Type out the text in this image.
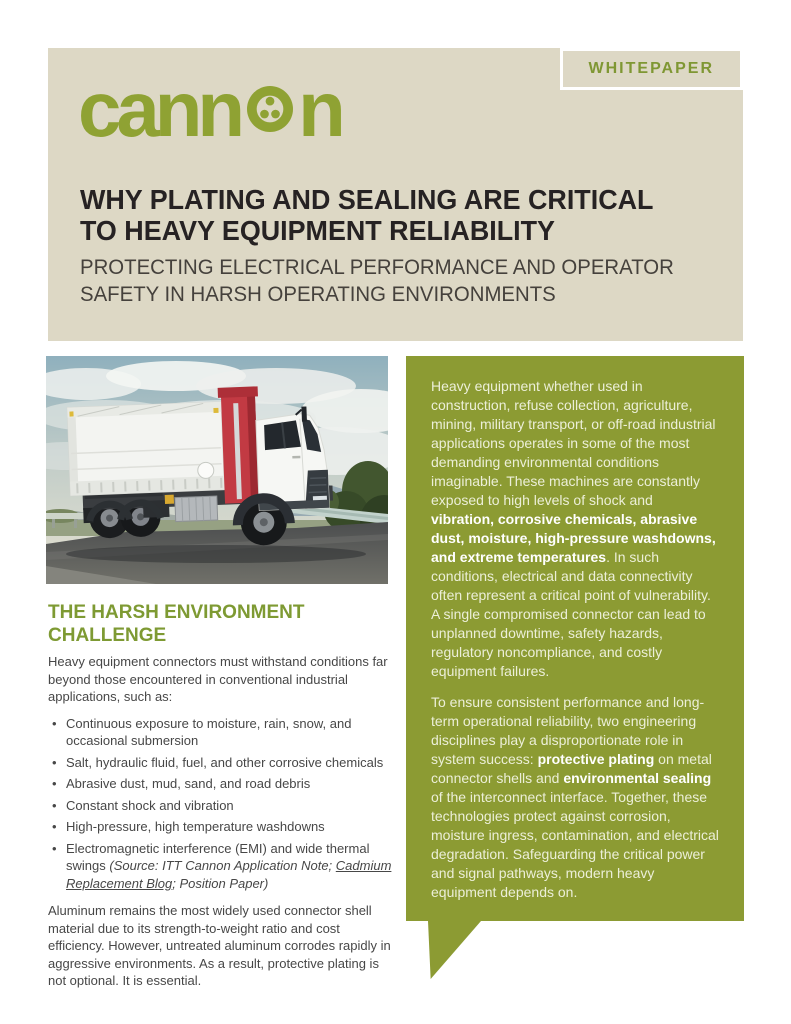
WHITEPAPER
cann n
WHY PLATING AND SEALING ARE CRITICAL
TO HEAVY EQUIPMENT RELIABILITY
PROTECTING ELECTRICAL PERFORMANCE AND OPERATOR
SAFETY IN HARSH OPERATING ENVIRONMENTS
THE HARSH ENVIRONMENT
CHALLENGE

Heavy equipment connectors must withstand conditions far beyond those encountered in conventional industrial applications, such as:

• Continuous exposure to moisture, rain, snow, and occasional submersion
• Salt, hydraulic fluid, fuel, and other corrosive chemicals
• Abrasive dust, mud, sand, and road debris
• Constant shock and vibration
• High-pressure, high temperature washdowns
• Electromagnetic interference (EMI) and wide thermal swings (Source: ITT Cannon Application Note; Cadmium Replacement Blog; Position Paper)

Aluminum remains the most widely used connector shell material due to its strength-to-weight ratio and cost efficiency. However, untreated aluminum corrodes rapidly in aggressive environments. As a result, protective plating is not optional. It is essential.

Heavy equipment whether used in construction, refuse collection, agriculture, mining, military transport, or off-road industrial applications operates in some of the most demanding environmental conditions imaginable. These machines are constantly exposed to high levels of shock and vibration, corrosive chemicals, abrasive dust, moisture, high-pressure washdowns, and extreme temperatures. In such conditions, electrical and data connectivity often represent a critical point of vulnerability. A single compromised connector can lead to unplanned downtime, safety hazards, regulatory noncompliance, and costly equipment failures.

To ensure consistent performance and long-term operational reliability, two engineering disciplines play a disproportionate role in system success: protective plating on metal connector shells and environmental sealing of the interconnect interface. Together, these technologies protect against corrosion, moisture ingress, contamination, and electrical degradation. Safeguarding the critical power and signal pathways, modern heavy equipment depends on.
